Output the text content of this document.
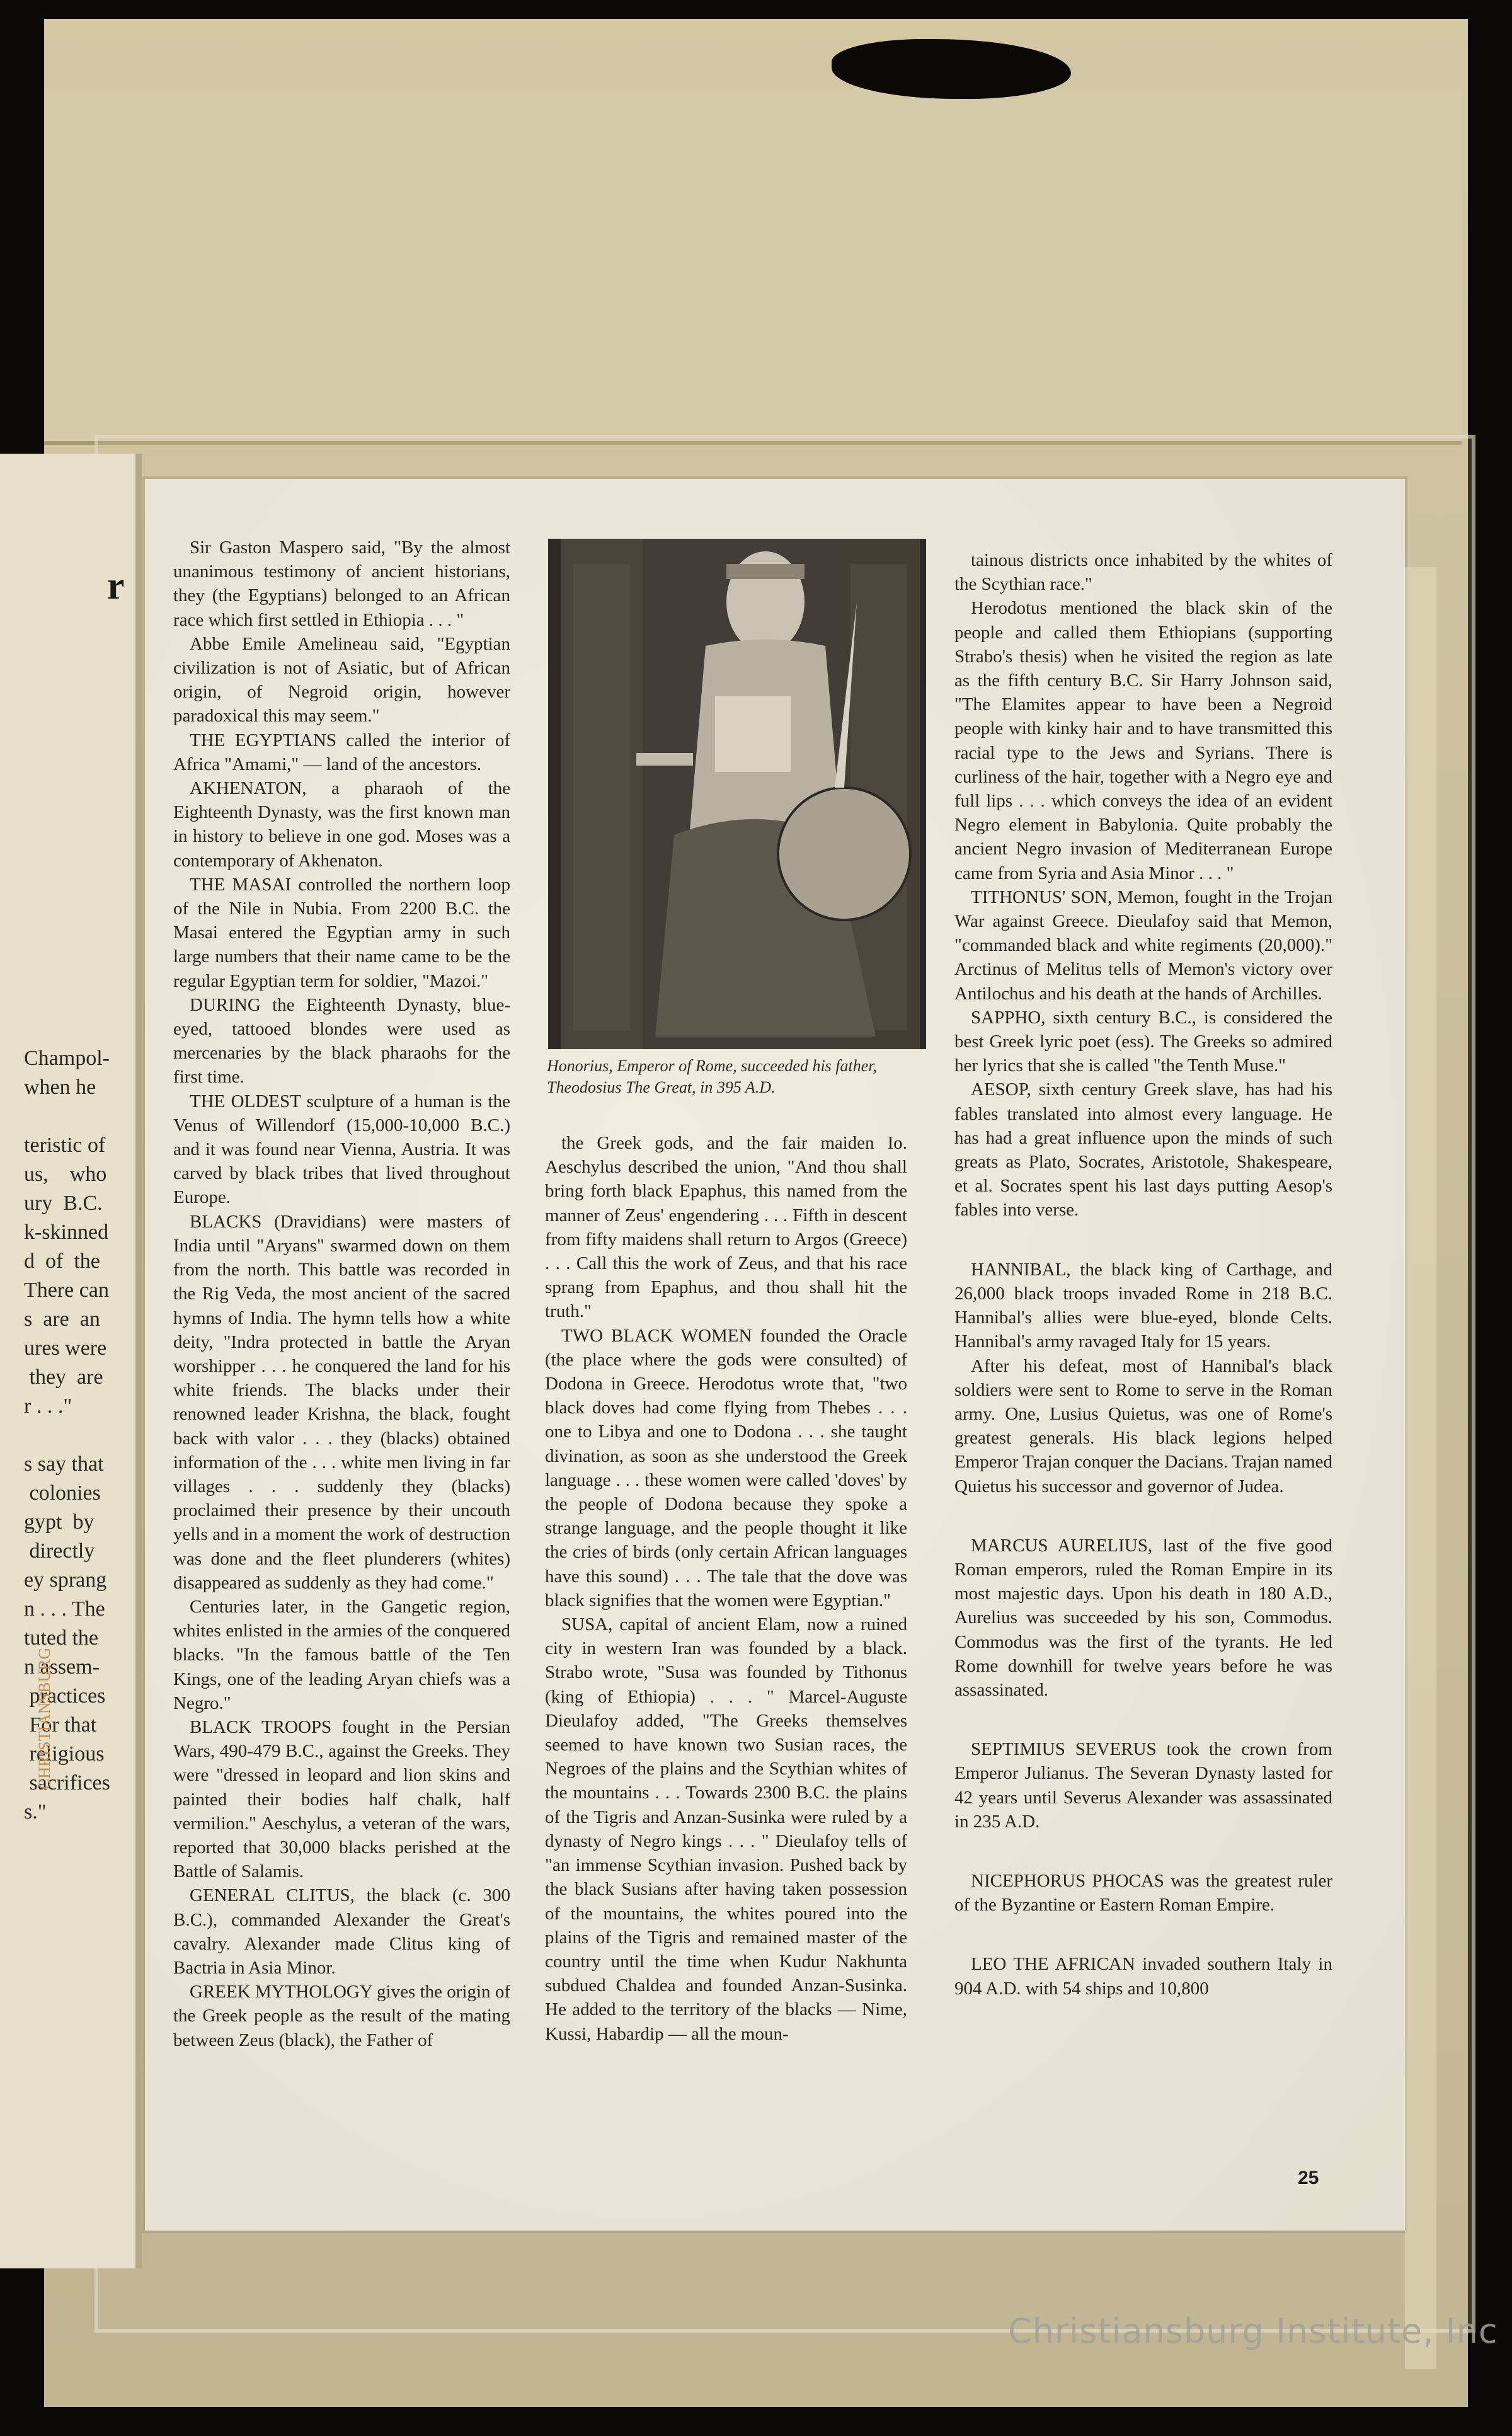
r
Champol-
when he
teristic of
us,    who
ury  B.C.
k-skinned
d  of  the
There can
s  are  an
ures were
they  are
r . . ."
s say that
colonies
gypt  by
directly
ey sprang
n . . . The
tuted the
n assem-
practices
For that
religious
sacrifices
s."
CHRISTIANSBURG

Sir Gaston Maspero said, "By the almost unanimous testimony of ancient historians, they (the Egyptians) belonged to an African race which first settled in Ethiopia . . . "

Abbe Emile Amelineau said, "Egyptian civilization is not of Asiatic, but of African origin, of Negroid origin, however paradoxical this may seem."

THE EGYPTIANS called the interior of Africa "Amami," — land of the ancestors.

AKHENATON, a pharaoh of the Eighteenth Dynasty, was the first known man in history to believe in one god. Moses was a contemporary of Akhenaton.

THE MASAI controlled the northern loop of the Nile in Nubia. From 2200 B.C. the Masai entered the Egyptian army in such large numbers that their name came to be the regular Egyptian term for soldier, "Mazoi."

DURING the Eighteenth Dynasty, blue-eyed, tattooed blondes were used as mercenaries by the black pharaohs for the first time.

THE OLDEST sculpture of a human is the Venus of Willendorf (15,000-10,000 B.C.) and it was found near Vienna, Austria. It was carved by black tribes that lived throughout Europe.

BLACKS (Dravidians) were masters of India until "Aryans" swarmed down on them from the north. This battle was recorded in the Rig Veda, the most ancient of the sacred hymns of India. The hymn tells how a white deity, "Indra protected in battle the Aryan worshipper . . . he conquered the land for his white friends. The blacks under their renowned leader Krishna, the black, fought back with valor . . . they (blacks) obtained information of the . . . white men living in far villages . . . suddenly they (blacks) proclaimed their presence by their uncouth yells and in a moment the work of destruction was done and the fleet plunderers (whites) disappeared as suddenly as they had come."

Centuries later, in the Gangetic region, whites enlisted in the armies of the conquered blacks. "In the famous battle of the Ten Kings, one of the leading Aryan chiefs was a Negro."

BLACK TROOPS fought in the Persian Wars, 490-479 B.C., against the Greeks. They were "dressed in leopard and lion skins and painted their bodies half chalk, half vermilion." Aeschylus, a veteran of the wars, reported that 30,000 blacks perished at the Battle of Salamis.

GENERAL CLITUS, the black (c. 300 B.C.), commanded Alexander the Great's cavalry. Alexander made Clitus king of Bactria in Asia Minor.

GREEK MYTHOLOGY gives the origin of the Greek people as the result of the mating between Zeus (black), the Father of

Honorius, Emperor of Rome, succeeded his father, Theodosius The Great, in 395 A.D.

the Greek gods, and the fair maiden Io. Aeschylus described the union, "And thou shall bring forth black Epaphus, this named from the manner of Zeus' engendering . . . Fifth in descent from fifty maidens shall return to Argos (Greece) . . . Call this the work of Zeus, and that his race sprang from Epaphus, and thou shall hit the truth."

TWO BLACK WOMEN founded the Oracle (the place where the gods were consulted) of Dodona in Greece. Herodotus wrote that, "two black doves had come flying from Thebes . . . one to Libya and one to Dodona . . . she taught divination, as soon as she understood the Greek language . . . these women were called 'doves' by the people of Dodona because they spoke a strange language, and the people thought it like the cries of birds (only certain African languages have this sound) . . . The tale that the dove was black signifies that the women were Egyptian."

SUSA, capital of ancient Elam, now a ruined city in western Iran was founded by a black. Strabo wrote, "Susa was founded by Tithonus (king of Ethiopia) . . . " Marcel-Auguste Dieulafoy added, "The Greeks themselves seemed to have known two Susian races, the Negroes of the plains and the Scythian whites of the mountains . . . Towards 2300 B.C. the plains of the Tigris and Anzan-Susinka were ruled by a dynasty of Negro kings . . . " Dieulafoy tells of "an immense Scythian invasion. Pushed back by the black Susians after having taken possession of the mountains, the whites poured into the plains of the Tigris and remained master of the country until the time when Kudur Nakhunta subdued Chaldea and founded Anzan-Susinka. He added to the territory of the blacks — Nime, Kussi, Habardip — all the moun-

tainous districts once inhabited by the whites of the Scythian race."

Herodotus mentioned the black skin of the people and called them Ethiopians (supporting Strabo's thesis) when he visited the region as late as the fifth century B.C. Sir Harry Johnson said, "The Elamites appear to have been a Negroid people with kinky hair and to have transmitted this racial type to the Jews and Syrians. There is curliness of the hair, together with a Negro eye and full lips . . . which conveys the idea of an evident Negro element in Babylonia. Quite probably the ancient Negro invasion of Mediterranean Europe came from Syria and Asia Minor . . . "

TITHONUS' SON, Memon, fought in the Trojan War against Greece. Dieulafoy said that Memon, "commanded black and white regiments (20,000)." Arctinus of Melitus tells of Memon's victory over Antilochus and his death at the hands of Archilles.

SAPPHO, sixth century B.C., is considered the best Greek lyric poet (ess). The Greeks so admired her lyrics that she is called "the Tenth Muse."

AESOP, sixth century Greek slave, has had his fables translated into almost every language. He has had a great influence upon the minds of such greats as Plato, Socrates, Aristotole, Shakespeare, et al. Socrates spent his last days putting Aesop's fables into verse.

HANNIBAL, the black king of Carthage, and 26,000 black troops invaded Rome in 218 B.C. Hannibal's allies were blue-eyed, blonde Celts. Hannibal's army ravaged Italy for 15 years.

After his defeat, most of Hannibal's black soldiers were sent to Rome to serve in the Roman army. One, Lusius Quietus, was one of Rome's greatest generals. His black legions helped Emperor Trajan conquer the Dacians. Trajan named Quietus his successor and governor of Judea.

MARCUS AURELIUS, last of the five good Roman emperors, ruled the Roman Empire in its most majestic days. Upon his death in 180 A.D., Aurelius was succeeded by his son, Commodus. Commodus was the first of the tyrants. He led Rome downhill for twelve years before he was assassinated.

SEPTIMIUS SEVERUS took the crown from Emperor Julianus. The Severan Dynasty lasted for 42 years until Severus Alexander was assassinated in 235 A.D.

NICEPHORUS PHOCAS was the greatest ruler of the Byzantine or Eastern Roman Empire.

LEO THE AFRICAN invaded southern Italy in 904 A.D. with 54 ships and 10,800

25
Christiansburg Institute, Inc
